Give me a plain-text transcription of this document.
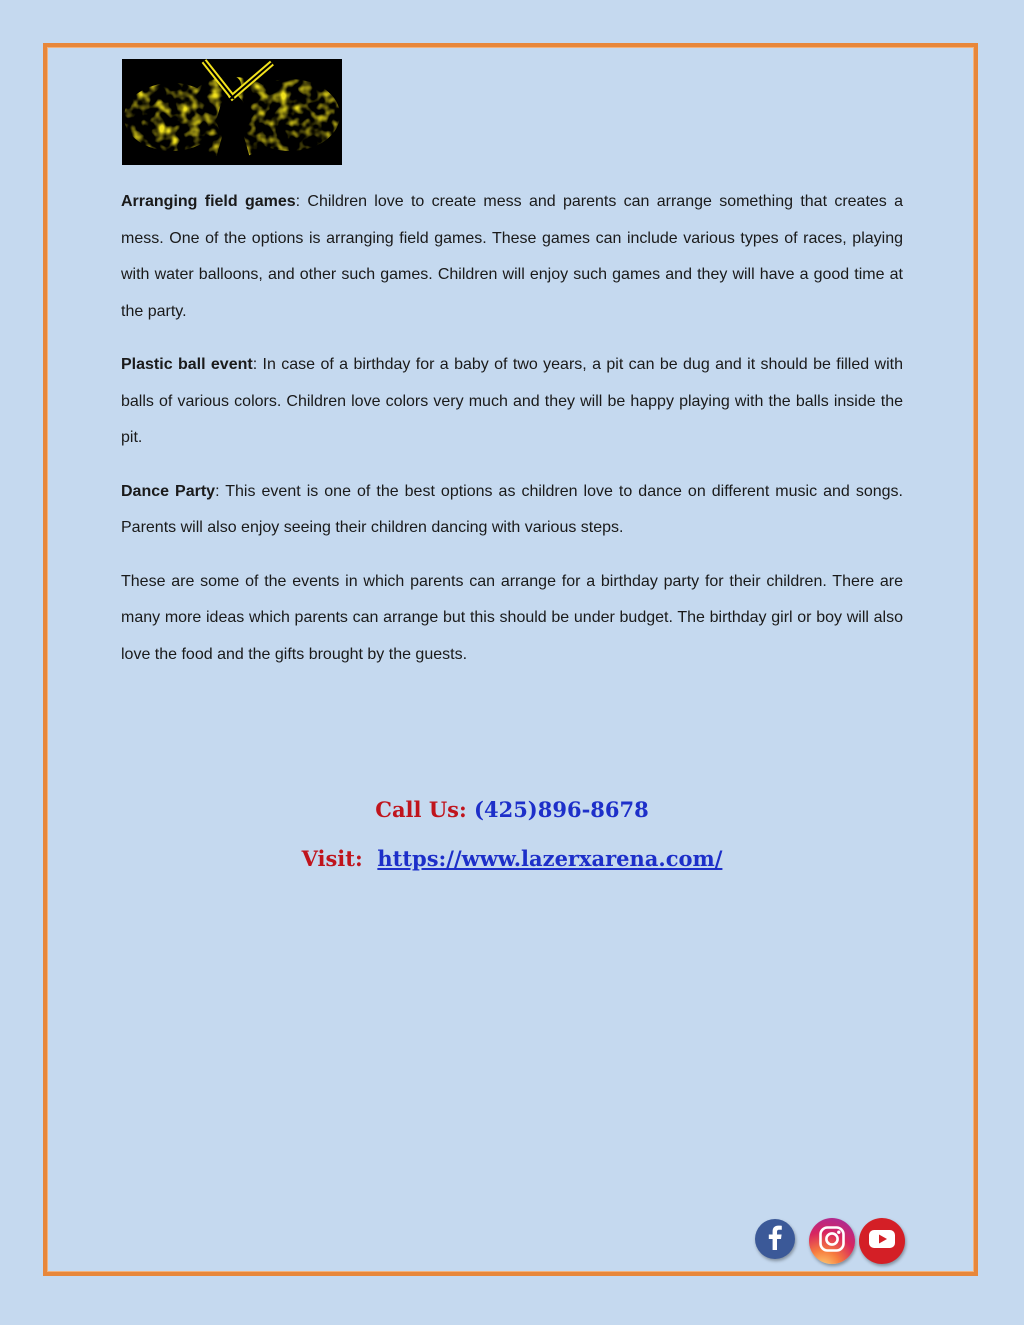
Arranging field games: Children love to create mess and parents can arrange something that creates a mess. One of the options is arranging field games. These games can include various types of races, playing with water balloons, and other such games. Children will enjoy such games and they will have a good time at the party.

Plastic ball event: In case of a birthday for a baby of two years, a pit can be dug and it should be filled with balls of various colors. Children love colors very much and they will be happy playing with the balls inside the pit.

Dance Party: This event is one of the best options as children love to dance on different music and songs. Parents will also enjoy seeing their children dancing with various steps.

These are some of the events in which parents can arrange for a birthday party for their children. There are many more ideas which parents can arrange but this should be under budget. The birthday girl or boy will also love the food and the gifts brought by the guests.

Call Us: (425)896-8678
Visit: https://www.lazerxarena.com/
